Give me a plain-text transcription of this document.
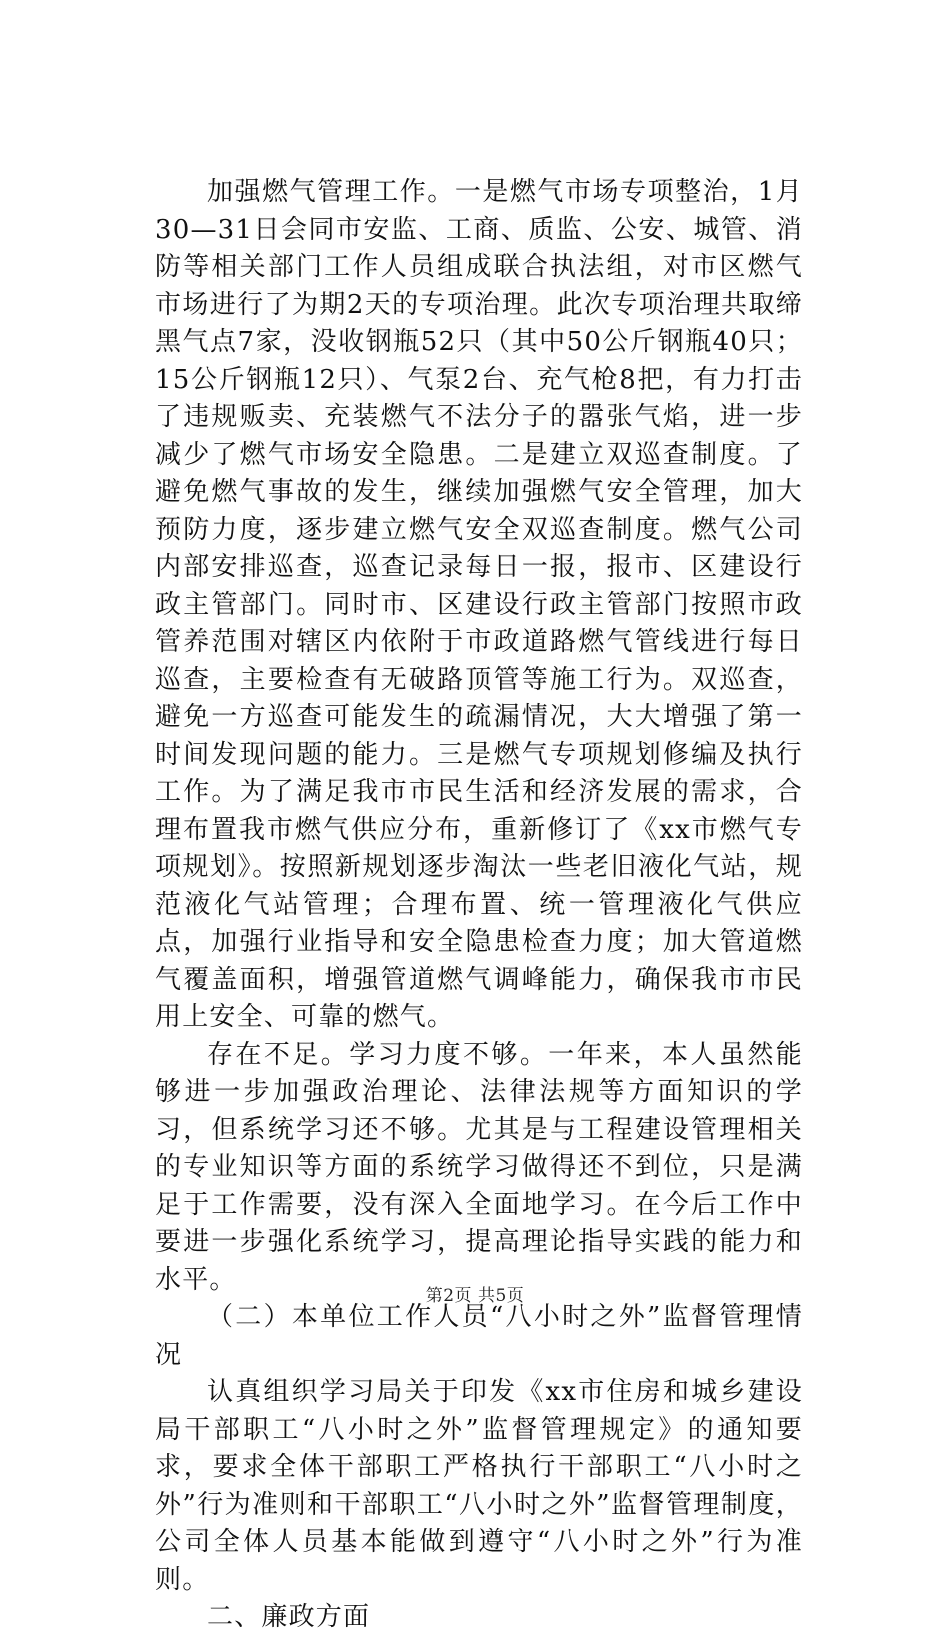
加强燃气管理工作。一是燃气市场专项整治，1月30—31日会同市安监、工商、质监、公安、城管、消防等相关部门工作人员组成联合执法组，对市区燃气市场进行了为期2天的专项治理。此次专项治理共取缔黑气点7家，没收钢瓶52只（其中50公斤钢瓶40只；15公斤钢瓶12只）、气泵2台、充气枪8把，有力打击了违规贩卖、充装燃气不法分子的嚣张气焰，进一步减少了燃气市场安全隐患。二是建立双巡查制度。了避免燃气事故的发生，继续加强燃气安全管理，加大预防力度，逐步建立燃气安全双巡查制度。燃气公司内部安排巡查，巡查记录每日一报，报市、区建设行政主管部门。同时市、区建设行政主管部门按照市政管养范围对辖区内依附于市政道路燃气管线进行每日巡查，主要检查有无破路顶管等施工行为。双巡查，避免一方巡查可能发生的疏漏情况，大大增强了第一时间发现问题的能力。三是燃气专项规划修编及执行工作。为了满足我市市民生活和经济发展的需求，合理布置我市燃气供应分布，重新修订了《xx市燃气专项规划》。按照新规划逐步淘汰一些老旧液化气站，规范液化气站管理；合理布置、统一管理液化气供应点，加强行业指导和安全隐患检查力度；加大管道燃气覆盖面积，增强管道燃气调峰能力，确保我市市民用上安全、可靠的燃气。

存在不足。学习力度不够。一年来，本人虽然能够进一步加强政治理论、法律法规等方面知识的学习，但系统学习还不够。尤其是与工程建设管理相关的专业知识等方面的系统学习做得还不到位，只是满足于工作需要，没有深入全面地学习。在今后工作中要进一步强化系统学习，提高理论指导实践的能力和水平。

（二）本单位工作人员“八小时之外”监督管理情况

认真组织学习局关于印发《xx市住房和城乡建设局干部职工“八小时之外”监督管理规定》的通知要求，要求全体干部职工严格执行干部职工“八小时之外”行为准则和干部职工“八小时之外”监督管理制度，公司全体人员基本能做到遵守“八小时之外”行为准则。

二、廉政方面

第2页 共5页
